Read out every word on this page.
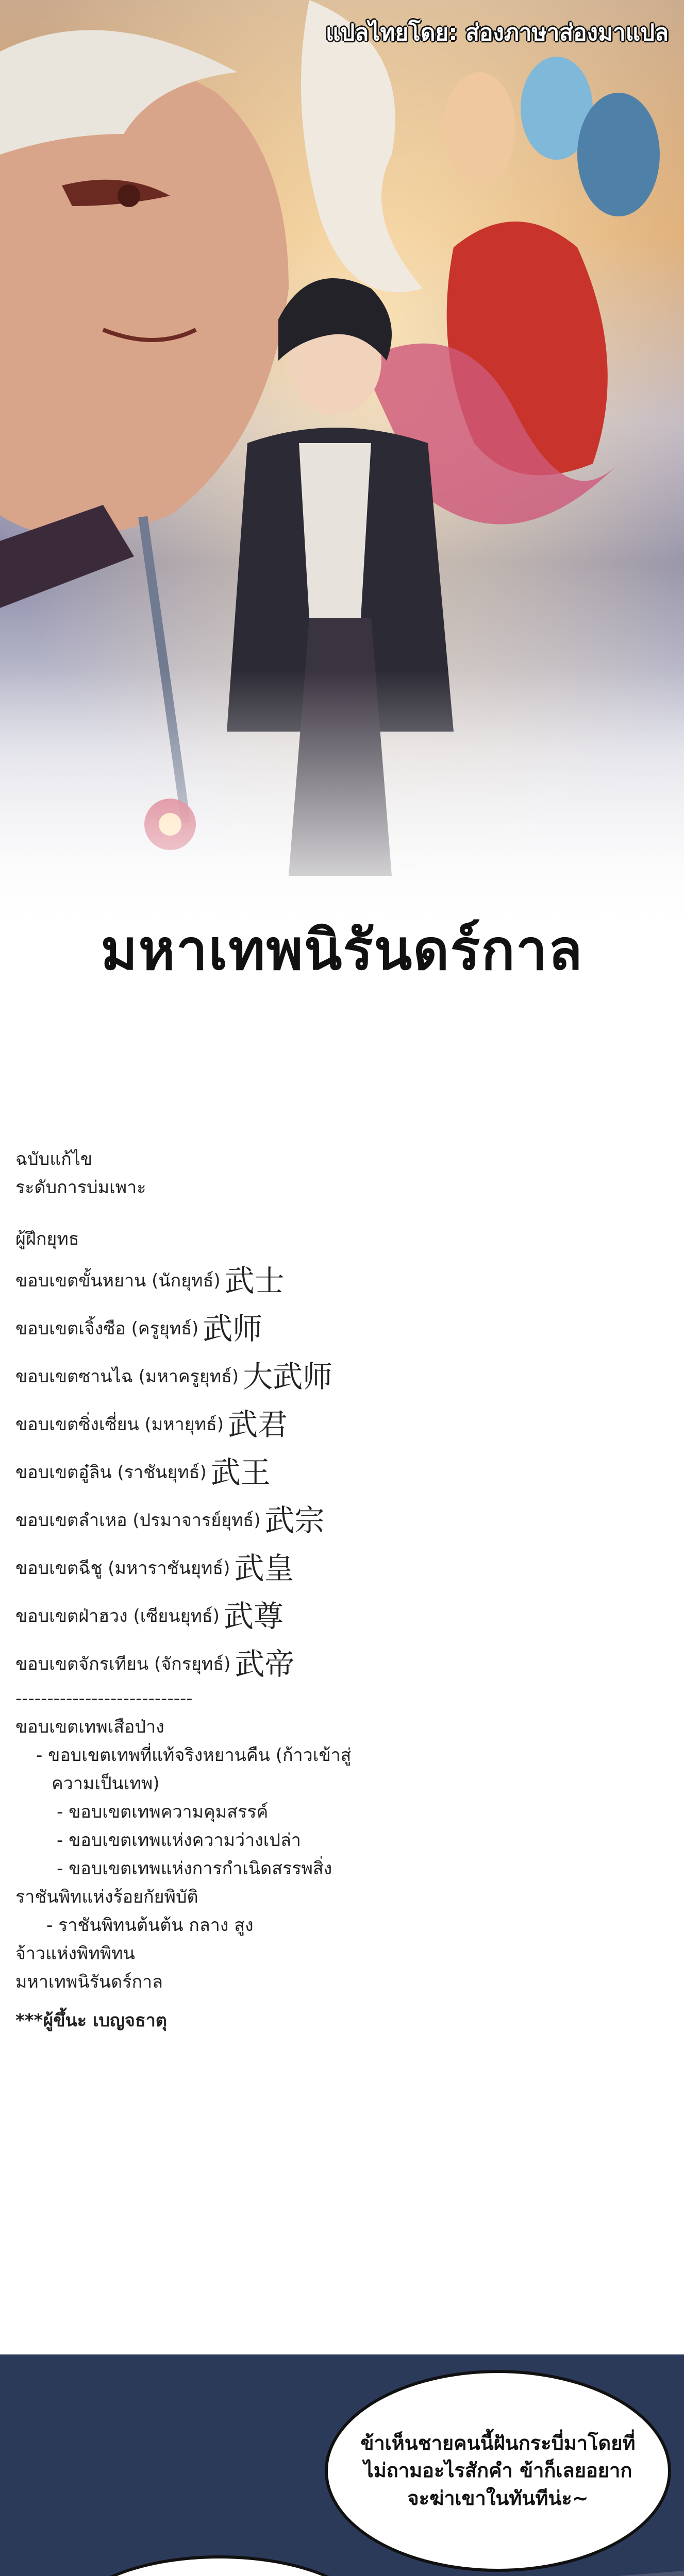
แปลไทยโดย: ส่องภาษาส่องมาแปล
มหาเทพนิรันดร์กาล
ฉบับแก้ไข
ระดับการบ่มเพาะ
ผู้ฝึกยุทธ
ขอบเขตขั้นหยาน (นักยุทธ์) 武士
ขอบเขตเจิ้งซือ (ครูยุทธ์) 武师
ขอบเขตซานไฉ (มหาครูยุทธ์) 大武师
ขอบเขตซิ่งเซี่ยน (มหายุทธ์) 武君
ขอบเขตอู๋ลิน (ราชันยุทธ์) 武王
ขอบเขตลำเหอ (ปรมาจารย์ยุทธ์) 武宗
ขอบเขตฉีชู (มหาราชันยุทธ์) 武皇
ขอบเขตฝ่าฮวง (เซียนยุทธ์) 武尊
ขอบเขตจักรเทียน (จักรยุทธ์) 武帝
----------------------------
ขอบเขตเทพเสือป่าง
- ขอบเขตเทพที่แท้จริงหยานคืน (ก้าวเข้าสู่
ความเป็นเทพ)
- ขอบเขตเทพความคุมสรรค์
- ขอบเขตเทพแห่งความว่างเปล่า
- ขอบเขตเทพแห่งการกำเนิดสรรพสิ่ง
ราชันพิทแห่งร้อยกัยพิบัติ
- ราชันพิทนต้นต้น กลาง สูง
จ้าวแห่งพิทพิทน
มหาเทพนิรันดร์กาล
***ผู้ขึ้นะ เบญจธาตุ
ข้าเห็นชายคนนี้ฝันกระบี่มาโดยที่
ไม่ถามอะไรสักคำ ข้าก็เลยอยาก
จะฆ่าเขาในทันทีน่ะ~
